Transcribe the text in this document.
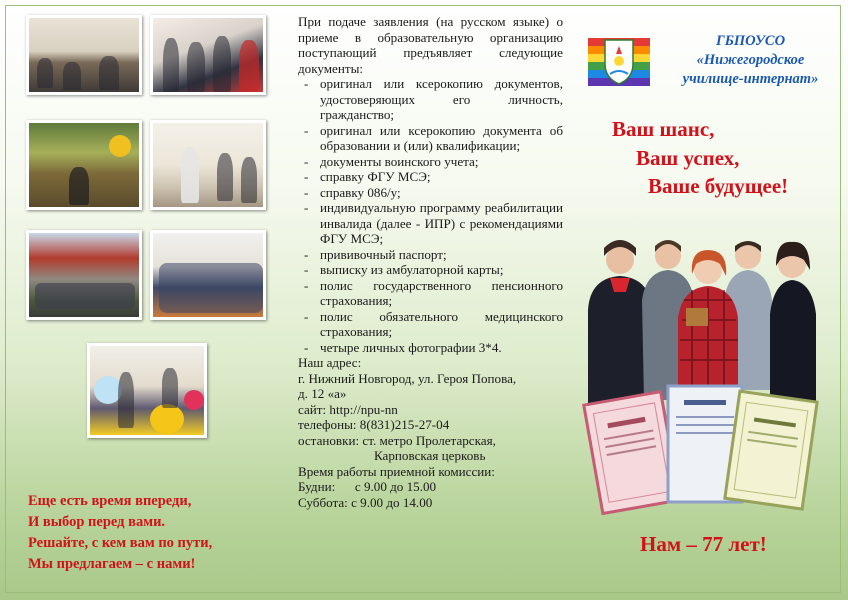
Еще есть время впереди,
И выбор перед вами.
Решайте, с кем вам по пути,
Мы предлагаем – с нами!

При подаче заявления (на русском языке) о приеме в образовательную организацию поступающий предъявляет следующие документы:

- оригинал или ксерокопию документов, удостоверяющих его личность, гражданство;
- оригинал или ксерокопию документа об образовании и (или) квалификации;
- документы воинского учета;
- справку ФГУ МСЭ;
- справку 086/у;
- индивидуальную программу реабилитации инвалида (далее - ИПР) с рекомендациями ФГУ МСЭ;
- прививочный паспорт;
- выписку из амбулаторной карты;
- полис государственного пенсионного страхования;
- полис обязательного медицинского страхования;
- четыре личных фотографии 3*4.
Наш адрес:
г. Нижний Новгород, ул. Героя Попова,
д. 12 «а»
сайт: http://npu-nn
телефоны: 8(831)215-27-04
остановки: ст. метро Пролетарская,
Карповская церковь
Время работы приемной комиссии:
Будни:      с 9.00 до 15.00
Суббота: с 9.00 до 14.00
ГБПОУСО
«Нижегородское
училище-интернат»
Ваш шанс,
Ваш успех,
Ваше будущее!
Нам – 77 лет!
